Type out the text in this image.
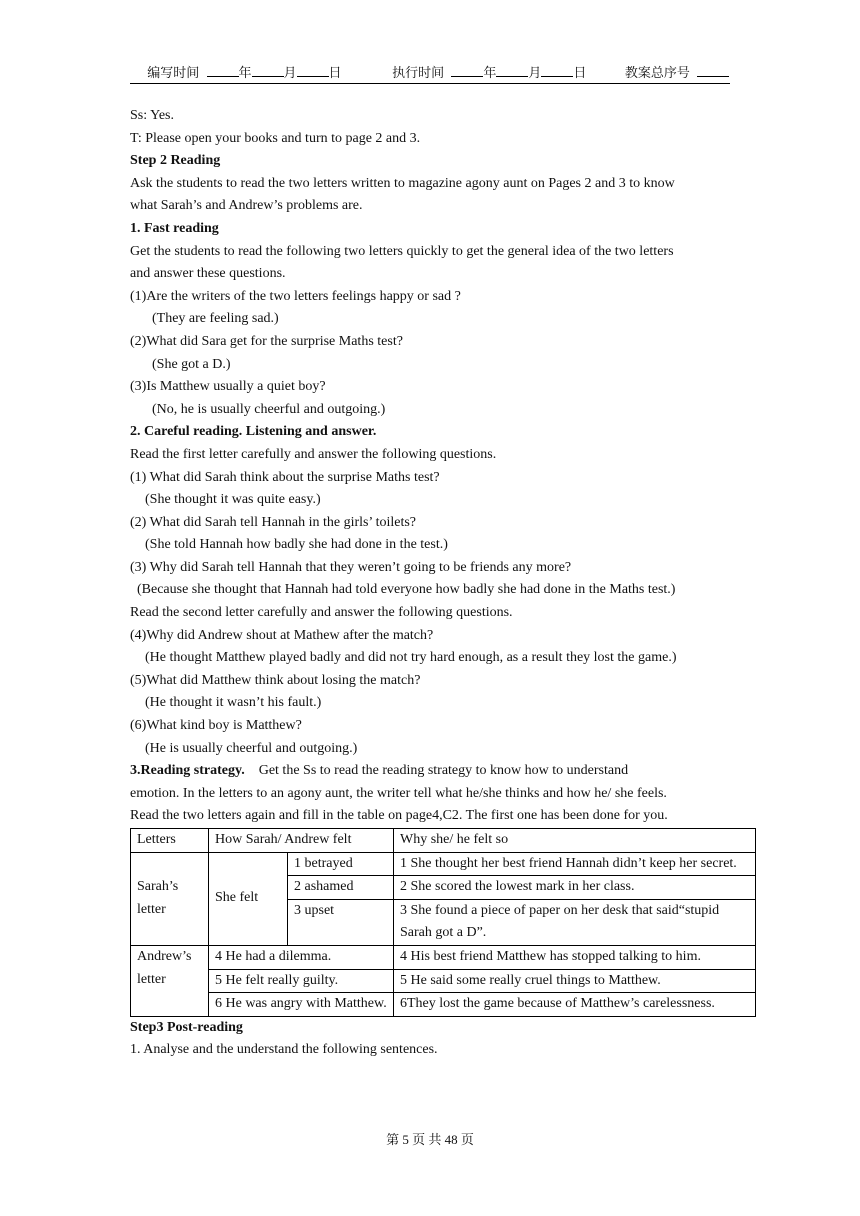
编写时间	年 月 日	执行时间	年 月 日	教案总序号
Ss: Yes.
T: Please open your books and turn to page 2 and 3.
Step 2 Reading
Ask the students to read the two letters written to magazine agony aunt on Pages 2 and 3 to know
what Sarah’s and Andrew’s problems are.
1. Fast reading
Get the students to read the following two letters quickly to get the general idea of the two letters
and answer these questions.
(1)Are the writers of the two letters feelings happy or sad ?
(They are feeling sad.)
(2)What did Sara get for the surprise Maths test?
(She got a D.)
(3)Is Matthew usually a quiet boy?
(No, he is usually cheerful and outgoing.)
2. Careful reading. Listening and answer.
Read the first letter carefully and answer the following questions.
(1) What did Sarah think about the surprise Maths test?
(She thought it was quite easy.)
(2) What did Sarah tell Hannah in the girls’ toilets?
(She told Hannah how badly she had done in the test.)
(3) Why did Sarah tell Hannah that they weren’t going to be friends any more?
(Because she thought that Hannah had told everyone how badly she had done in the Maths test.)
Read the second letter carefully and answer the following questions.
(4)Why did Andrew shout at Mathew after the match?
(He thought Matthew played badly and did not try hard enough, as a result they lost the game.)
(5)What did Matthew think about losing the match?
(He thought it wasn’t his fault.)
(6)What kind boy is Matthew?
(He is usually cheerful and outgoing.)
3.Reading strategy. Get the Ss to read the reading strategy to know how to understand
emotion. In the letters to an agony aunt, the writer tell what he/she thinks and how he/ she feels.
Read the two letters again and fill in the table on page4,C2. The first one has been done for you.
Letters	How Sarah/ Andrew felt		Why she/ he felt so
Sarah’s letter	She felt	1 betrayed	1 She thought her best friend Hannah didn’t keep her secret.
		2 ashamed	2 She scored the lowest mark in her class.
		3 upset	3 She found a piece of paper on her desk that said“stupid Sarah got a D”.
Andrew’s letter	4 He had a dilemma.		4 His best friend Matthew has stopped talking to him.
	5 He felt really guilty.		5 He said some really cruel things to Matthew.
	6 He was angry with Matthew.		6They lost the game because of Matthew’s carelessness.
Step3 Post-reading
1. Analyse and the understand the following sentences.
第 5 页 共 48 页
